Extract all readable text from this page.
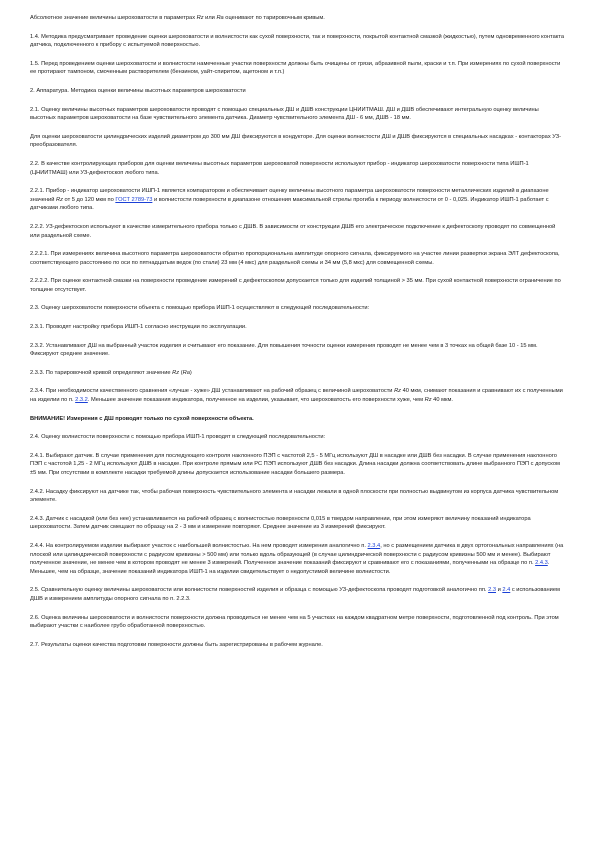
Абсолютное значение величины шероховатости в параметрах Rz или Ra оценивают по тарировочным кривым.

1.4. Методика предусматривает проведение оценки шероховатости и волнистости как сухой поверхности, так и поверхности, покрытой контактной смазкой (жидкостью), путем одновременного контакта датчика, подключенного к прибору с испытуемой поверхностью.

1.5. Перед проведением оценки шероховатости и волнистости намеченные участки поверхности должны быть очищены от грязи, абразивной пыли, краски и т.п. При измерениях по сухой поверхности ее протирают тампоном, смоченным растворителем (бензином, уайт-спиритом, ацетоном и т.п.)

2. Аппаратура. Методика оценки величины высотных параметров шероховатости

2.1. Оценку величины высотных параметров шероховатости проводят с помощью специальных ДШ и ДШВ конструкции ЦНИИТМАШ. ДШ и ДШВ обеспечивают интегральную оценку величины высотных параметров шероховатости на базе чувствительного элемента датчика. Диаметр чувствительного элемента ДШ - 6 мм, ДШВ - 18 мм.

Для оценки шероховатости цилиндрических изделий диаметром до 300 мм ДШ фиксируются в кондукторе. Для оценки волнистости ДШ и ДШВ фиксируются в специальных насадках - контакторах УЗ-преобразователя.

2.2. В качестве контролирующих приборов для оценки величины высотных параметров шероховатой поверхности используют прибор - индикатор шероховатости поверхности типа ИШП-1 (ЦНИИТМАШ) или УЗ-дефектоскоп любого типа.

2.2.1. Прибор - индикатор шероховатости ИШП-1 является компаратором и обеспечивает оценку величины высотного параметра шероховатости поверхности металлических изделий в диапазоне значений Rz от 5 до 120 мкм по ГОСТ 2789-73 и волнистости поверхности в диапазоне отношения максимальной стрелы прогиба к периоду волнистости от 0 - 0,025. Индикатор ИШП-1 работает с датчиками любого типа.

2.2.2. УЗ-дефектоскоп используют в качестве измерительного прибора только с ДШВ. В зависимости от конструкции ДШВ его электрическое подключение к дефектоскопу проводят по совмещенной или раздельной схеме.

2.2.2.1. При измерениях величина высотного параметра шероховатости обратно пропорциональна амплитуде опорного сигнала, фиксируемого на участке линии развертки экрана ЭЛТ дефектоскопа, соответствующего расстоянию по оси по пятнадцатым ведок (по стали) 23 мм (4 мкс) для раздельной схемы и 34 мм (5,8 мкс) для совмещенной схемы.

2.2.2.2. При оценке контактной смазки на поверхности проведение измерений с дефектоскопом допускается только для изделий толщиной > 35 мм. При сухой контактной поверхности ограничение по толщине отсутствует.

2.3. Оценку шероховатости поверхности объекта с помощью прибора ИШП-1 осуществляют в следующей последовательности:

2.3.1. Проводят настройку прибора ИШП-1 согласно инструкции по эксплуатации.

2.3.2. Устанавливают ДШ на выбранный участок изделия и считывают его показание. Для повышения точности оценки измерения проводят не менее чем в 3 точках на общей базе 10 - 15 мм. Фиксируют среднее значение.

2.3.3. По тарировочной кривой определяют значение Rz (Ra)

2.3.4. При необходимости качественного сравнения «лучше - хуже» ДШ устанавливают на рабочий образец с величиной шероховатости Rz 40 мкм, снимают показания и сравнивают их с полученными на изделии по п. 2.3.2. Меньшее значение показания индикатора, полученное на изделии, указывает, что шероховатость его поверхности хуже, чем Rz 40 мкм.

ВНИМАНИЕ! Измерения с ДШ проводят только по сухой поверхности объекта.

2.4. Оценку волнистости поверхности с помощью прибора ИШП-1 проводят в следующей последовательности:

2.4.1. Выбирают датчик. В случае применения для последующего контроля наклонного ПЭП с частотой 2,5 - 5 МГц используют ДШ в насадке или ДШВ без насадки. В случае применения наклонного ПЭП с частотой 1,25 - 2 МГц используют ДШВ в насадке. При контроле прямым или РС ПЭП используют ДШВ без насадки. Длина насадки должна соответствовать длине выбранного ПЭП с допуском ±5 мм. При отсутствии в комплекте насадки требуемой длины допускается использование насадки большего размера.

2.4.2. Насадку фиксируют на датчике так, чтобы рабочая поверхность чувствительного элемента и насадки лежали в одной плоскости при полностью выдвинутом из корпуса датчика чувствительном элементе.

2.4.3. Датчик с насадкой (или без нее) устанавливается на рабочий образец с волнистостью поверхности 0,015 в твердом направлении, при этом измеряют величину показаний индикатора шероховатости. Затем датчик смещают по образцу на 2 - 3 мм и измерение повторяют. Среднее значение из 3 измерений фиксируют.

2.4.4. На контролируемом изделии выбирают участок с наибольшей волнистостью. На нем проводят измерения аналогично п. 2.3.4, но с размещением датчика в двух ортогональных направлениях (на плоской или цилиндрической поверхности с радиусом кривизны > 500 мм) или только вдоль образующей (в случае цилиндрической поверхности с радиусом кривизны 500 мм и менее). Выбирают полученное значение, не менее чем в котором проводят не менее 3 измерений. Полученное значение показаний фиксируют и сравнивают его с показаниями, полученными на образце по п. 2.4.3. Меньшее, чем на образце, значение показаний индикатора ИШП-1 на изделии свидетельствует о недопустимой величине волнистости.

2.5. Сравнительную оценку величины шероховатости или волнистости поверхностей изделия и образца с помощью УЗ-дефектоскопа проводят подготовкой аналогично пп. 2.3 и 2.4 с использованием ДШВ и измерением амплитуды опорного сигнала по п. 2.2.3.

2.6. Оценка величины шероховатости и волнистости поверхности должна проводиться не менее чем на 5 участках на каждом квадратном метре поверхности, подготовленной под контроль. При этом выбирают участки с наиболее грубо обработанной поверхностью.

2.7. Результаты оценки качества подготовки поверхности должны быть зарегистрированы в рабочем журнале.
